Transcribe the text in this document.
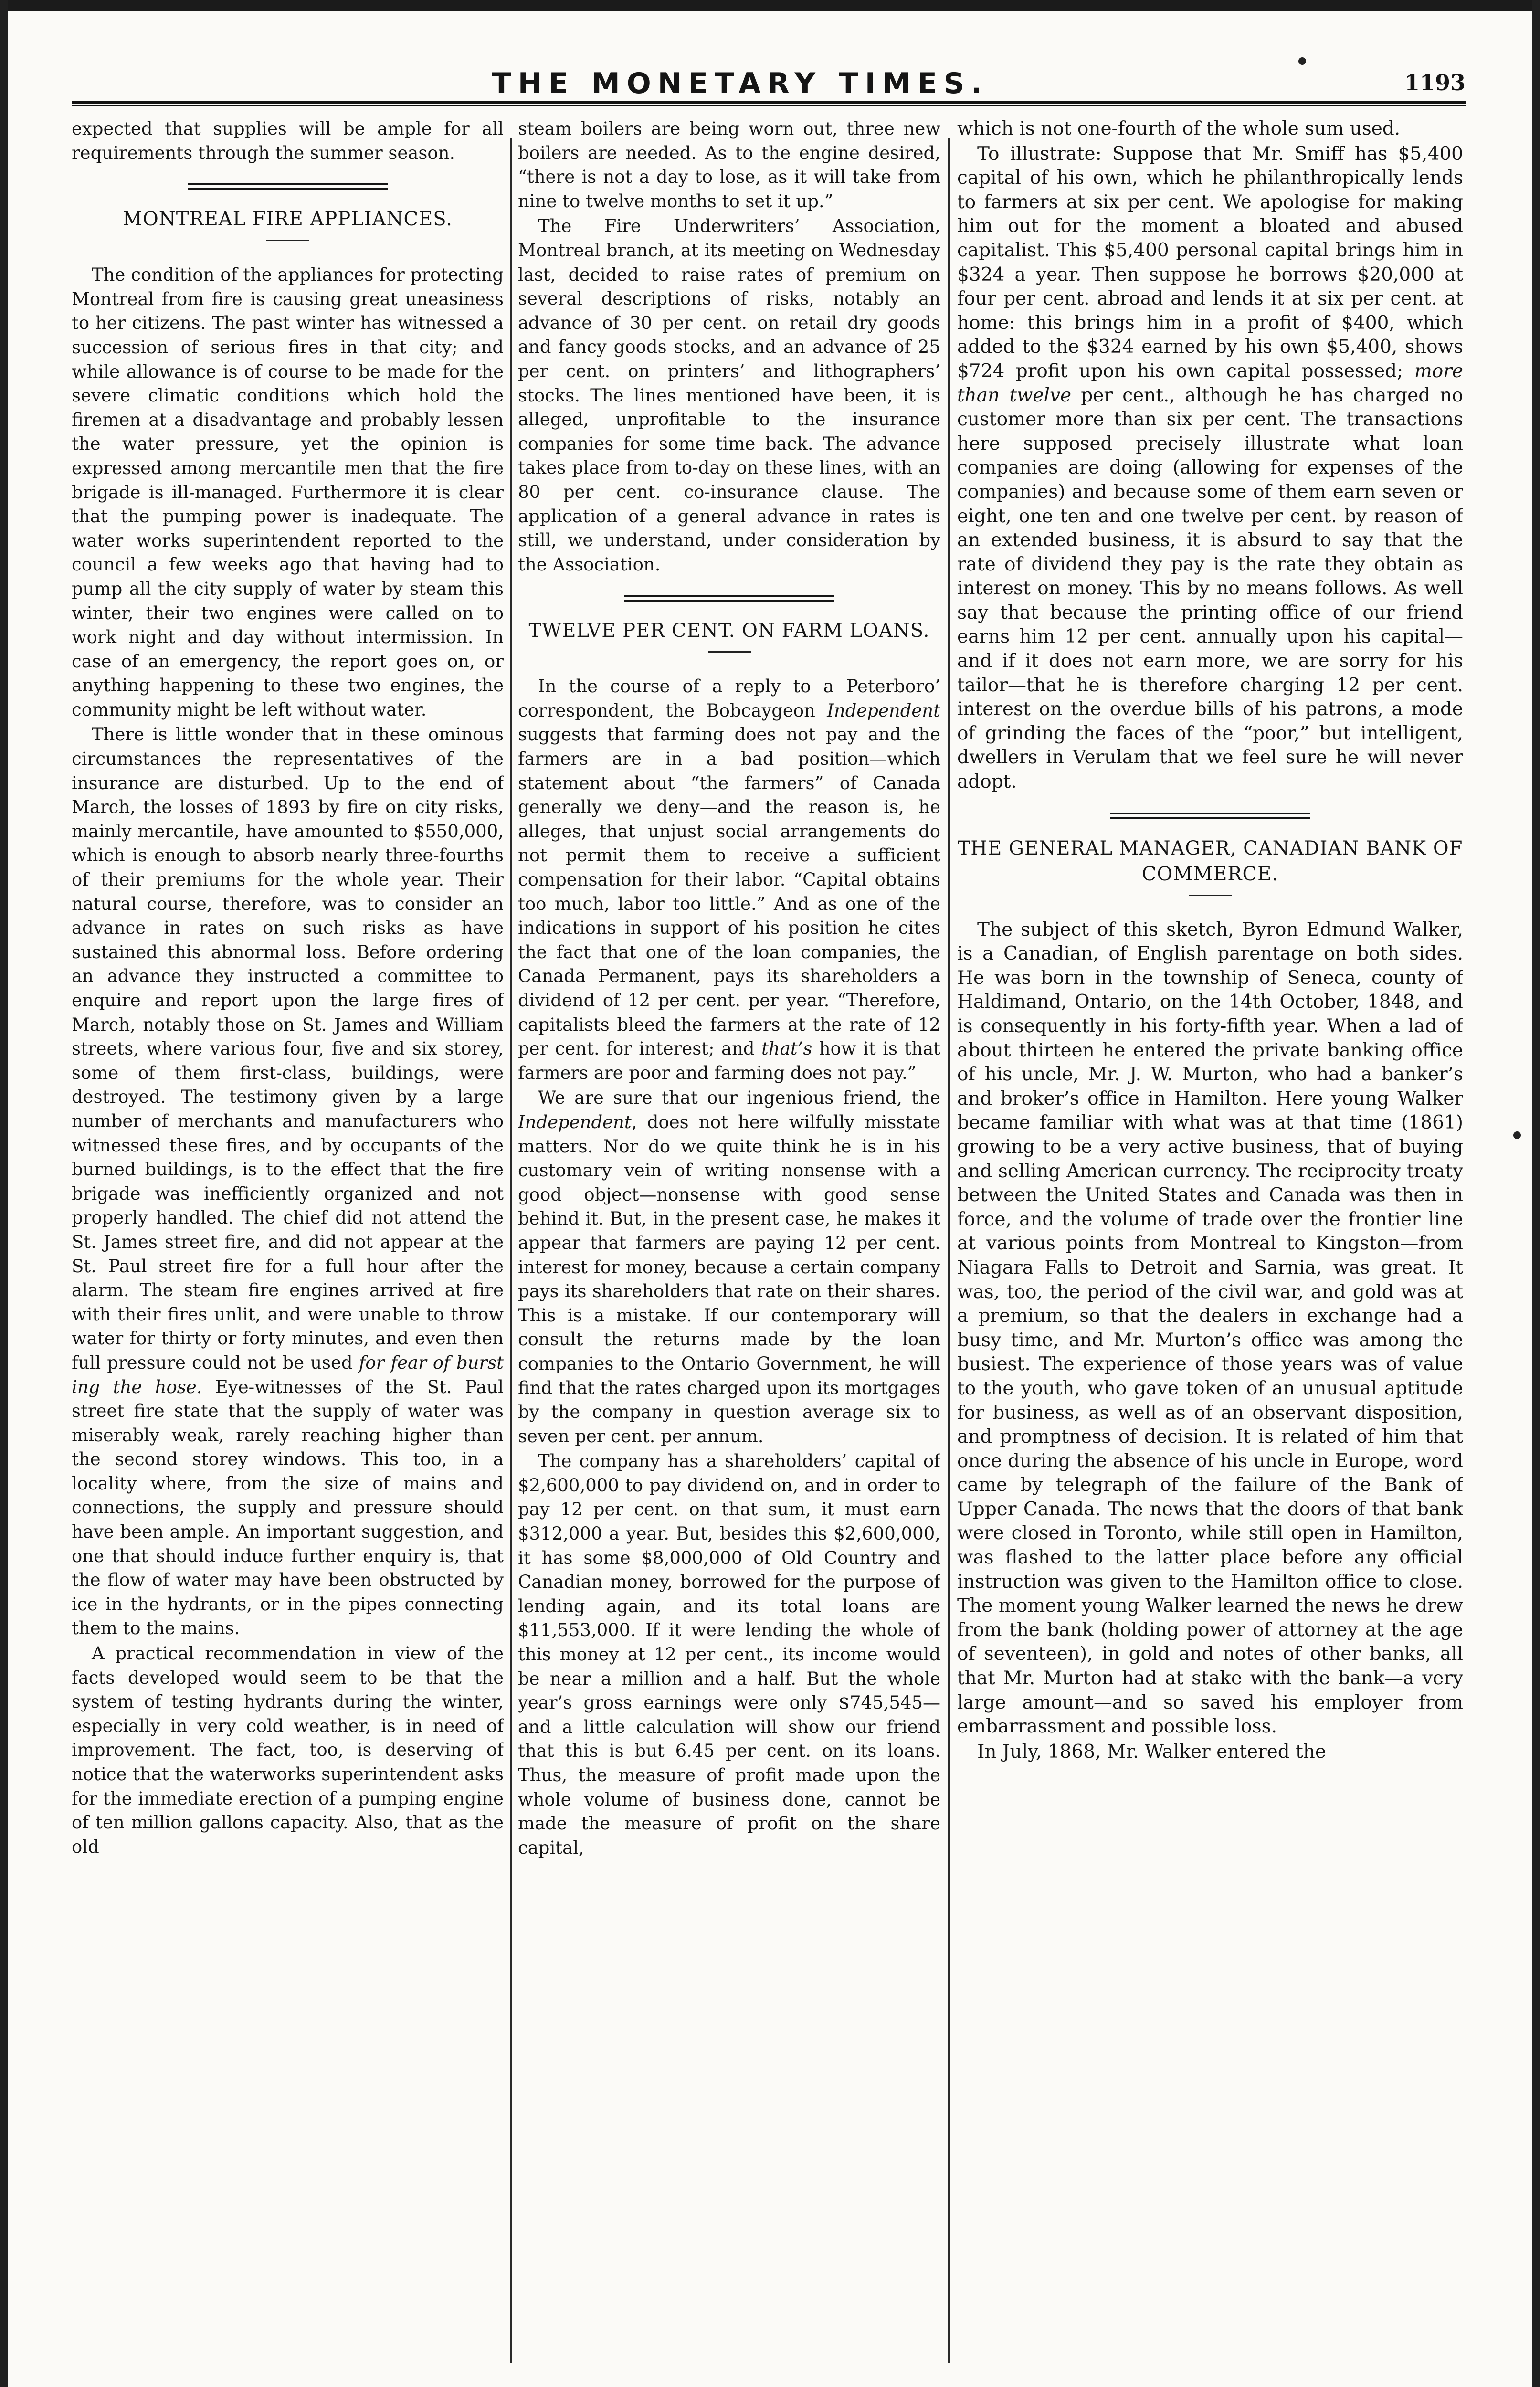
THE MONETARY TIMES.	1193

expected that supplies will be ample for all requirements through the summer season.

MONTREAL FIRE APPLIANCES.

The condition of the appliances for protecting Montreal from fire is causing great uneasiness to her citizens. The past winter has witnessed a succession of serious fires in that city; and while allowance is of course to be made for the severe climatic conditions which hold the firemen at a disadvantage and probably lessen the water pressure, yet the opinion is expressed among mercantile men that the fire brigade is ill-managed. Furthermore it is clear that the pumping power is inadequate. The water works superintendent reported to the council a few weeks ago that having had to pump all the city supply of water by steam this winter, their two engines were called on to work night and day without intermission. In case of an emergency, the report goes on, or anything happening to these two engines, the community might be left without water.

There is little wonder that in these ominous circumstances the representatives of the insurance are disturbed. Up to the end of March, the losses of 1893 by fire on city risks, mainly mercantile, have amounted to $550,000, which is enough to absorb nearly three-fourths of their premiums for the whole year. Their natural course, therefore, was to consider an advance in rates on such risks as have sustained this abnormal loss. Before ordering an advance they instructed a committee to enquire and report upon the large fires of March, notably those on St. James and William streets, where various four, five and six storey, some of them first-class, buildings, were destroyed. The testimony given by a large number of merchants and manufacturers who witnessed these fires, and by occupants of the burned buildings, is to the effect that the fire brigade was inefficiently organized and not properly handled. The chief did not attend the St. James street fire, and did not appear at the St. Paul street fire for a full hour after the alarm. The steam fire engines arrived at fire with their fires unlit, and were unable to throw water for thirty or forty minutes, and even then full pressure could not be used for fear of burst ing the hose. Eye-witnesses of the St. Paul street fire state that the supply of water was miserably weak, rarely reaching higher than the second storey windows. This too, in a locality where, from the size of mains and connections, the supply and pressure should have been ample. An important suggestion, and one that should induce further enquiry is, that the flow of water may have been obstructed by ice in the hydrants, or in the pipes connecting them to the mains.

A practical recommendation in view of the facts developed would seem to be that the system of testing hydrants during the winter, especially in very cold weather, is in need of improvement. The fact, too, is deserving of notice that the waterworks superintendent asks for the immediate erection of a pumping engine of ten million gallons capacity. Also, that as the old

steam boilers are being worn out, three new boilers are needed. As to the engine desired, “there is not a day to lose, as it will take from nine to twelve months to set it up.”

The Fire Underwriters’ Association, Montreal branch, at its meeting on Wednesday last, decided to raise rates of premium on several descriptions of risks, notably an advance of 30 per cent. on retail dry goods and fancy goods stocks, and an advance of 25 per cent. on printers’ and lithographers’ stocks. The lines mentioned have been, it is alleged, unprofitable to the insurance companies for some time back. The advance takes place from to-day on these lines, with an 80 per cent. co-insurance clause. The application of a general advance in rates is still, we understand, under consideration by the Association.

TWELVE PER CENT. ON FARM LOANS.

In the course of a reply to a Peterboro’ correspondent, the Bobcaygeon Independent suggests that farming does not pay and the farmers are in a bad position—which statement about “the farmers” of Canada generally we deny—and the reason is, he alleges, that unjust social arrangements do not permit them to receive a sufficient compensation for their labor. “Capital obtains too much, labor too little.” And as one of the indications in support of his position he cites the fact that one of the loan companies, the Canada Permanent, pays its shareholders a dividend of 12 per cent. per year. “Therefore, capitalists bleed the farmers at the rate of 12 per cent. for interest; and that’s how it is that farmers are poor and farming does not pay.”

We are sure that our ingenious friend, the Independent, does not here wilfully misstate matters. Nor do we quite think he is in his customary vein of writing nonsense with a good object—nonsense with good sense behind it. But, in the present case, he makes it appear that farmers are paying 12 per cent. interest for money, because a certain company pays its shareholders that rate on their shares. This is a mistake. If our contemporary will consult the returns made by the loan companies to the Ontario Government, he will find that the rates charged upon its mortgages by the company in question average six to seven per cent. per annum.

The company has a shareholders’ capital of $2,600,000 to pay dividend on, and in order to pay 12 per cent. on that sum, it must earn $312,000 a year. But, besides this $2,600,000, it has some $8,000,000 of Old Country and Canadian money, borrowed for the purpose of lending again, and its total loans are $11,553,000. If it were lending the whole of this money at 12 per cent., its income would be near a million and a half. But the whole year’s gross earnings were only $745,545—and a little calculation will show our friend that this is but 6.45 per cent. on its loans. Thus, the measure of profit made upon the whole volume of business done, cannot be made the measure of profit on the share capital,

which is not one-fourth of the whole sum used.

To illustrate: Suppose that Mr. Smiff has $5,400 capital of his own, which he philanthropically lends to farmers at six per cent. We apologise for making him out for the moment a bloated and abused capitalist. This $5,400 personal capital brings him in $324 a year. Then suppose he borrows $20,000 at four per cent. abroad and lends it at six per cent. at home: this brings him in a profit of $400, which added to the $324 earned by his own $5,400, shows $724 profit upon his own capital possessed; more than twelve per cent., although he has charged no customer more than six per cent. The transactions here supposed precisely illustrate what loan companies are doing (allowing for expenses of the companies) and because some of them earn seven or eight, one ten and one twelve per cent. by reason of an extended business, it is absurd to say that the rate of dividend they pay is the rate they obtain as interest on money. This by no means follows. As well say that because the printing office of our friend earns him 12 per cent. annually upon his capital—and if it does not earn more, we are sorry for his tailor—that he is therefore charging 12 per cent. interest on the overdue bills of his patrons, a mode of grinding the faces of the “poor,” but intelligent, dwellers in Verulam that we feel sure he will never adopt.

THE GENERAL MANAGER, CANADIAN BANK OF COMMERCE.

The subject of this sketch, Byron Edmund Walker, is a Canadian, of English parentage on both sides. He was born in the township of Seneca, county of Haldimand, Ontario, on the 14th October, 1848, and is consequently in his forty-fifth year. When a lad of about thirteen he entered the private banking office of his uncle, Mr. J. W. Murton, who had a banker’s and broker’s office in Hamilton. Here young Walker became familiar with what was at that time (1861) growing to be a very active business, that of buying and selling American currency. The reciprocity treaty between the United States and Canada was then in force, and the volume of trade over the frontier line at various points from Montreal to Kingston—from Niagara Falls to Detroit and Sarnia, was great. It was, too, the period of the civil war, and gold was at a premium, so that the dealers in exchange had a busy time, and Mr. Murton’s office was among the busiest. The experience of those years was of value to the youth, who gave token of an unusual aptitude for business, as well as of an observant disposition, and promptness of decision. It is related of him that once during the absence of his uncle in Europe, word came by telegraph of the failure of the Bank of Upper Canada. The news that the doors of that bank were closed in Toronto, while still open in Hamilton, was flashed to the latter place before any official instruction was given to the Hamilton office to close. The moment young Walker learned the news he drew from the bank (holding power of attorney at the age of seventeen), in gold and notes of other banks, all that Mr. Murton had at stake with the bank—a very large amount—and so saved his employer from embarrassment and possible loss.

In July, 1868, Mr. Walker entered the
